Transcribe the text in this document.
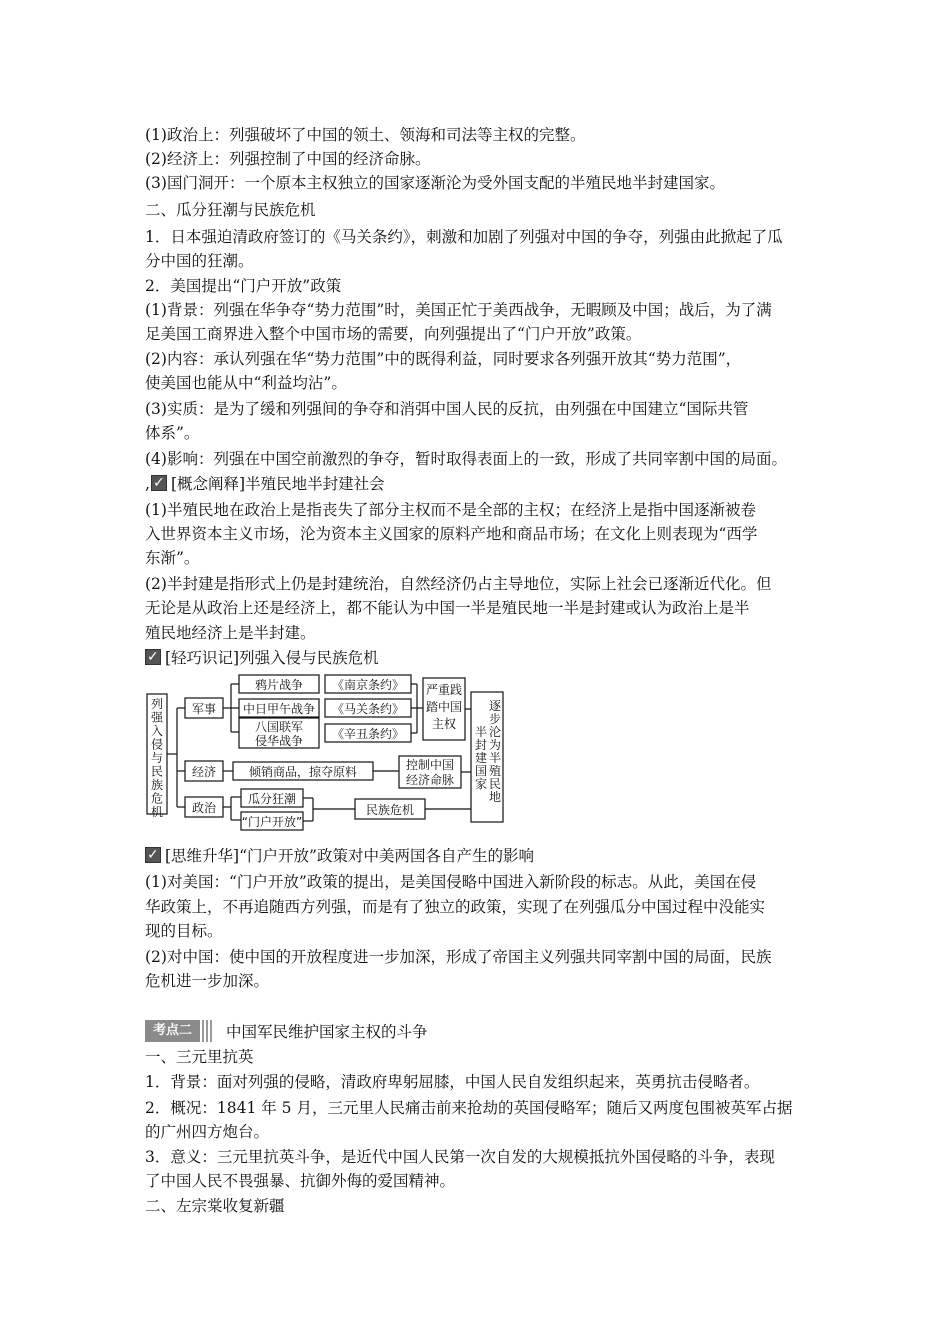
(1)政治上：列强破坏了中国的领土、领海和司法等主权的完整。
(2)经济上：列强控制了中国的经济命脉。
(3)国门洞开：一个原本主权独立的国家逐渐沦为受外国支配的半殖民地半封建国家。
二、瓜分狂潮与民族危机
1．日本强迫清政府签订的《马关条约》，刺激和加剧了列强对中国的争夺，列强由此掀起了瓜
分中国的狂潮。
2．美国提出“门户开放”政策
(1)背景：列强在华争夺“势力范围”时，美国正忙于美西战争，无暇顾及中国；战后，为了满
足美国工商界进入整个中国市场的需要，向列强提出了“门户开放”政策。
(2)内容：承认列强在华“势力范围”中的既得利益，同时要求各列强开放其“势力范围”，
使美国也能从中“利益均沾”。
(3)实质：是为了缓和列强间的争夺和消弭中国人民的反抗，由列强在中国建立“国际共管
体系”。
(4)影响：列强在中国空前激烈的争夺，暂时取得表面上的一致，形成了共同宰割中国的局面。
,✓ [概念阐释]半殖民地半封建社会
(1)半殖民地在政治上是指丧失了部分主权而不是全部的主权；在经济上是指中国逐渐被卷
入世界资本主义市场，沦为资本主义国家的原料产地和商品市场；在文化上则表现为“西学
东渐”。
(2)半封建是指形式上仍是封建统治，自然经济仍占主导地位，实际上社会已逐渐近代化。但
无论是从政治上还是经济上，都不能认为中国一半是殖民地一半是封建或认为政治上是半
殖民地经济上是半封建。
✓[轻巧识记]列强入侵与民族危机
列
强
入
侵
与
民
族
危
机
军事
经济
政治
鸦片战争
中日甲午战争
八国联军
侵华战争
《南京条约》
《马关条约》
《辛丑条约》
严重践
踏中国
主权
倾销商品，掠夺原料	控制中国
经济命脉
瓜分狂潮
“门户开放”
民族危机
逐
步
沦
为
半
殖
民
地
半
封
建
国
家
✓[思维升华]“门户开放”政策对中美两国各自产生的影响
(1)对美国：“门户开放”政策的提出，是美国侵略中国进入新阶段的标志。从此，美国在侵
华政策上，不再追随西方列强，而是有了独立的政策，实现了在列强瓜分中国过程中没能实
现的目标。
(2)对中国：使中国的开放程度进一步加深，形成了帝国主义列强共同宰割中国的局面，民族
危机进一步加深。
考点二	中国军民维护国家主权的斗争
一、三元里抗英
1．背景：面对列强的侵略，清政府卑躬屈膝，中国人民自发组织起来，英勇抗击侵略者。
2．概况：1841 年 5 月，三元里人民痛击前来抢劫的英国侵略军；随后又两度包围被英军占据
的广州四方炮台。
3．意义：三元里抗英斗争，是近代中国人民第一次自发的大规模抵抗外国侵略的斗争，表现
了中国人民不畏强暴、抗御外侮的爱国精神。
二、左宗棠收复新疆
